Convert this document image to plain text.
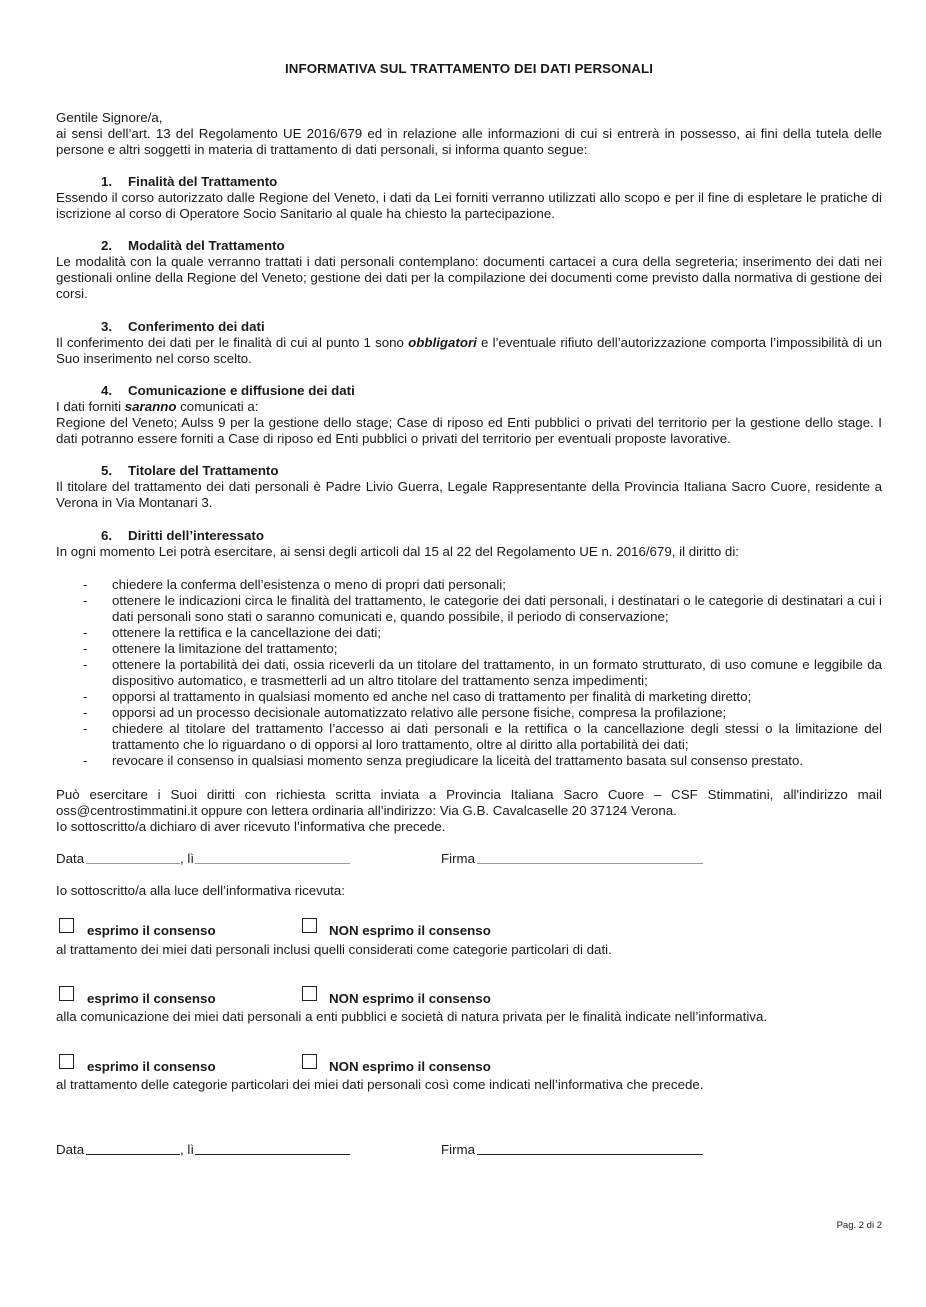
INFORMATIVA SUL TRATTAMENTO DEI DATI PERSONALI
Gentile Signore/a,
ai sensi dell’art. 13 del Regolamento UE 2016/679 ed in relazione alle informazioni di cui si entrerà in possesso, ai fini della tutela delle persone e altri soggetti in materia di trattamento di dati personali, si informa quanto segue:
1. Finalità del Trattamento
Essendo il corso autorizzato dalle Regione del Veneto, i dati da Lei forniti verranno utilizzati allo scopo e per il fine di espletare le pratiche di iscrizione al corso di Operatore Socio Sanitario al quale ha chiesto la partecipazione.
2. Modalità del Trattamento
Le modalità con la quale verranno trattati i dati personali contemplano: documenti cartacei a cura della segreteria; inserimento dei dati nei gestionali online della Regione del Veneto; gestione dei dati per la compilazione dei documenti come previsto dalla normativa di gestione dei corsi.
3. Conferimento dei dati
Il conferimento dei dati per le finalità di cui al punto 1 sono obbligatori e l’eventuale rifiuto dell’autorizzazione comporta l’impossibilità di un Suo inserimento nel corso scelto.
4. Comunicazione e diffusione dei dati
I dati forniti saranno comunicati a:
Regione del Veneto; Aulss 9 per la gestione dello stage; Case di riposo ed Enti pubblici o privati del territorio per la gestione dello stage. I dati potranno essere forniti a Case di riposo ed Enti pubblici o privati del territorio per eventuali proposte lavorative.
5. Titolare del Trattamento
Il titolare del trattamento dei dati personali è Padre Livio Guerra, Legale Rappresentante della Provincia Italiana Sacro Cuore, residente a Verona in Via Montanari 3.
6. Diritti dell’interessato
In ogni momento Lei potrà esercitare, ai sensi degli articoli dal 15 al 22 del Regolamento UE n. 2016/679, il diritto di:
- chiedere la conferma dell’esistenza o meno di propri dati personali;
- ottenere le indicazioni circa le finalità del trattamento, le categorie dei dati personali, i destinatari o le categorie di destinatari a cui i dati personali sono stati o saranno comunicati e, quando possibile, il periodo di conservazione;
- ottenere la rettifica e la cancellazione dei dati;
- ottenere la limitazione del trattamento;
- ottenere la portabilità dei dati, ossia riceverli da un titolare del trattamento, in un formato strutturato, di uso comune e leggibile da dispositivo automatico, e trasmetterli ad un altro titolare del trattamento senza impedimenti;
- opporsi al trattamento in qualsiasi momento ed anche nel caso di trattamento per finalità di marketing diretto;
- opporsi ad un processo decisionale automatizzato relativo alle persone fisiche, compresa la profilazione;
- chiedere al titolare del trattamento l’accesso ai dati personali e la rettifica o la cancellazione degli stessi o la limitazione del trattamento che lo riguardano o di opporsi al loro trattamento, oltre al diritto alla portabilità dei dati;
- revocare il consenso in qualsiasi momento senza pregiudicare la liceità del trattamento basata sul consenso prestato.
Può esercitare i Suoi diritti con richiesta scritta inviata a Provincia Italiana Sacro Cuore – CSF Stimmatini, all'indirizzo mail oss@centrostimmatini.it oppure con lettera ordinaria all’indirizzo: Via G.B. Cavalcaselle 20 37124 Verona.
Io sottoscritto/a dichiaro di aver ricevuto l’informativa che precede.
Data	, lì	Firma
Io sottoscritto/a alla luce dell’informativa ricevuta:
esprimo il consenso	NON esprimo il consenso
al trattamento dei miei dati personali inclusi quelli considerati come categorie particolari di dati.
esprimo il consenso	NON esprimo il consenso
alla comunicazione dei miei dati personali a enti pubblici e società di natura privata per le finalità indicate nell’informativa.
esprimo il consenso	NON esprimo il consenso
al trattamento delle categorie particolari dei miei dati personali così come indicati nell’informativa che precede.
Data	, lì	Firma
Pag. 2 di 2
